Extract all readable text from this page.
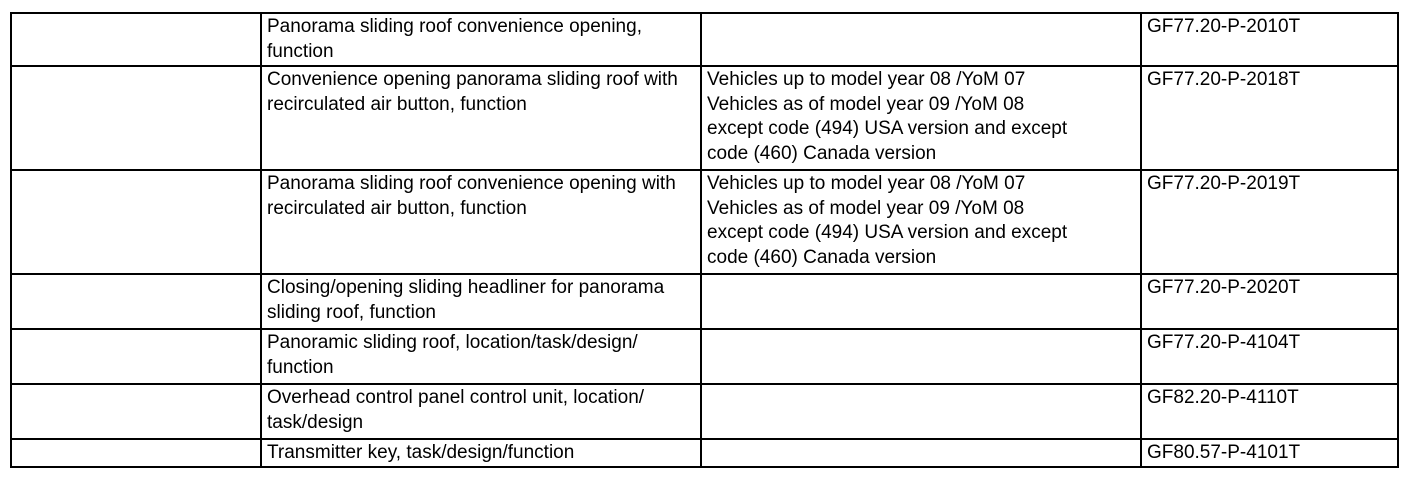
	Panorama sliding roof convenience opening, function		GF77.20-P-2010T
	Convenience opening panorama sliding roof with recirculated air button, function	Vehicles up to model year 08 /YoM 07
Vehicles as of model year 09 /YoM 08
except code (494) USA version and except
code (460) Canada version	GF77.20-P-2018T
	Panorama sliding roof convenience opening with recirculated air button, function	Vehicles up to model year 08 /YoM 07
Vehicles as of model year 09 /YoM 08
except code (494) USA version and except
code (460) Canada version	GF77.20-P-2019T
	Closing/opening sliding headliner for panorama sliding roof, function		GF77.20-P-2020T
	Panoramic sliding roof, location/task/design/ function		GF77.20-P-4104T
	Overhead control panel control unit, location/ task/design		GF82.20-P-4110T
	Transmitter key, task/design/function		GF80.57-P-4101T
